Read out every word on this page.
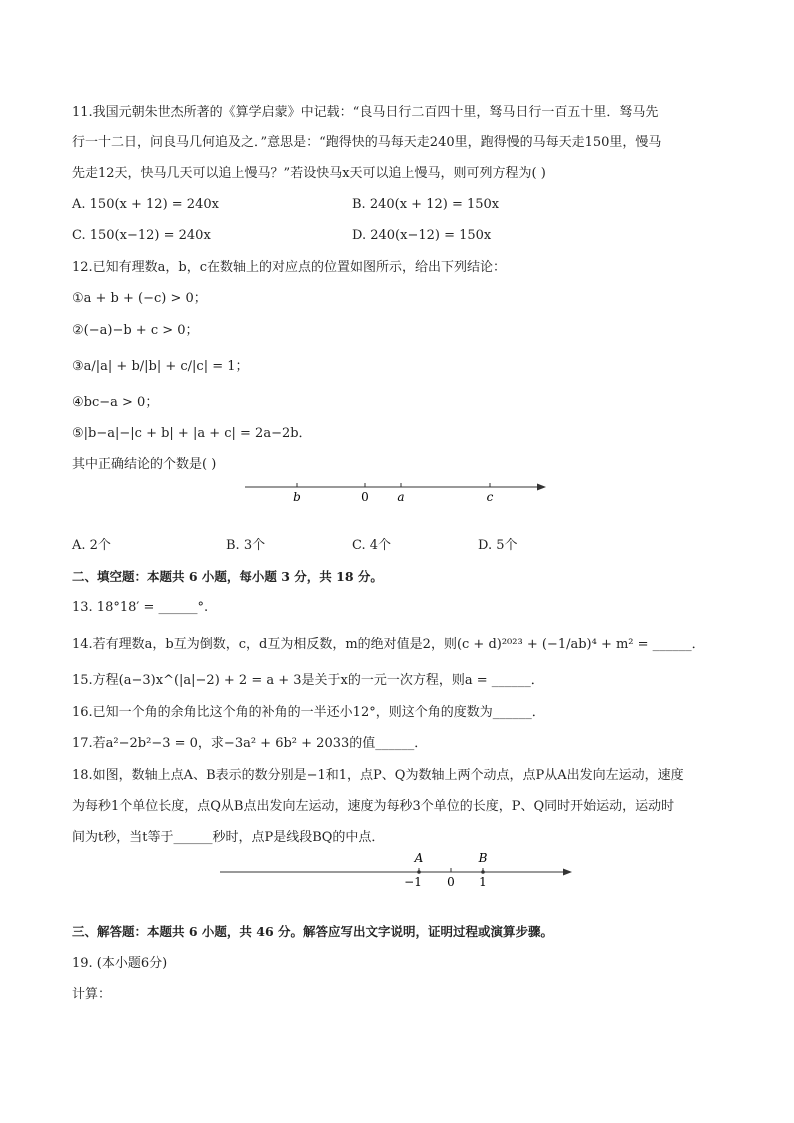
11.我国元朝朱世杰所著的《算学启蒙》中记载：“良马日行二百四十里，驽马日行一百五十里．驽马先
行一十二日，问良马几何追及之．”意思是：“跑得快的马每天走240里，跑得慢的马每天走150里，慢马
先走12天，快马几天可以追上慢马？”若设快马x天可以追上慢马，则可列方程为( )
A. 150(x + 12) = 240x	B. 240(x + 12) = 150x
C. 150(x−12) = 240x	D. 240(x−12) = 150x
12.已知有理数a，b，c在数轴上的对应点的位置如图所示，给出下列结论：
①a + b + (−c) > 0；
②(−a)−b + c > 0；
③a/|a| + b/|b| + c/|c| = 1；
④bc−a > 0；
⑤|b−a|−|c + b| + |a + c| = 2a−2b．
其中正确结论的个数是( )
b	0 a	c
A. 2个	B. 3个	C. 4个	D. 5个
二、填空题：本题共 6 小题，每小题 3 分，共 18 分。
13. 18°18′ = ______°.
14.若有理数a，b互为倒数，c，d互为相反数，m的绝对值是2，则(c + d)²⁰²³ + (−1/ab)⁴ + m² = ______．
15.方程(a−3)x^(|a|−2) + 2 = a + 3是关于x的一元一次方程，则a = ______．
16.已知一个角的余角比这个角的补角的一半还小12°，则这个角的度数为______．
17.若a²−2b²−3 = 0，求−3a² + 6b² + 2033的值______．
18.如图，数轴上点A、B表示的数分别是−1和1，点P、Q为数轴上两个动点，点P从A出发向左运动，速度
为每秒1个单位长度，点Q从B点出发向左运动，速度为每秒3个单位的长度，P、Q同时开始运动，运动时
间为t秒，当t等于______秒时，点P是线段BQ的中点．
A	B
−1 0 1
三、解答题：本题共 6 小题，共 46 分。解答应写出文字说明，证明过程或演算步骤。
19. (本小题6分)
计算：
